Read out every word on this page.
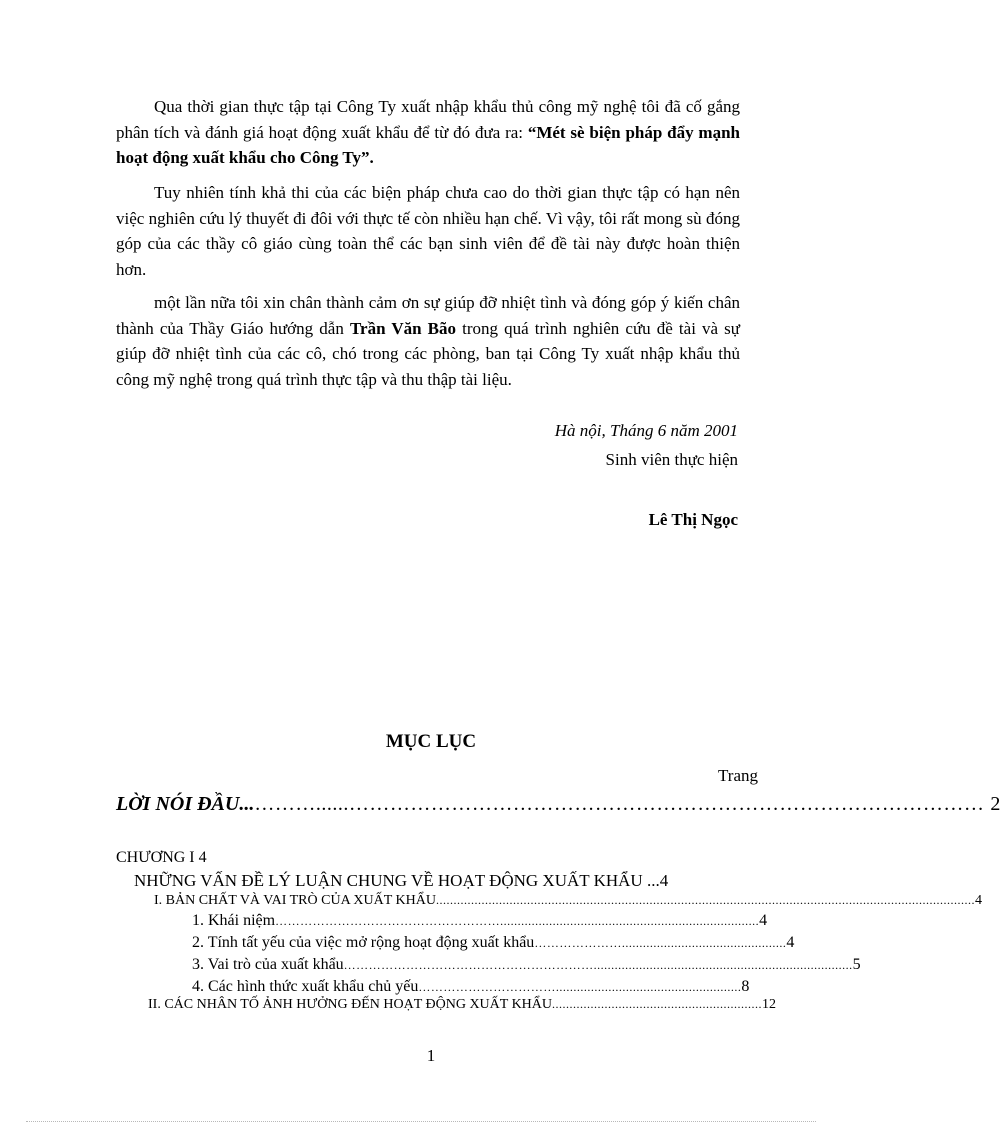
Qua thời gian thực tập tại Công Ty xuất nhập khẩu thủ công mỹ nghệ tôi đã cố gắng phân tích và đánh giá hoạt động xuất khẩu để từ đó đưa ra: “Mét sè biện pháp đẩy mạnh hoạt động xuất khẩu cho Công Ty”.

Tuy nhiên tính khả thi của các biện pháp chưa cao do thời gian thực tập có hạn nên việc nghiên cứu lý thuyết đi đôi với thực tế còn nhiều hạn chế. Vì vậy, tôi rất mong sù đóng góp của các thầy cô giáo cùng toàn thể các bạn sinh viên để đề tài này được hoàn thiện hơn.

một lần nữa tôi xin chân thành cảm ơn sự giúp đỡ nhiệt tình và đóng góp ý kiến chân thành của Thầy Giáo hướng dẫn Trần Văn Bão trong quá trình nghiên cứu đề tài và sự giúp đỡ nhiệt tình của các cô, chó trong các phòng, ban tại Công Ty xuất nhập khẩu thủ công mỹ nghệ trong quá trình thực tập và thu thập tài liệu.

Hà nội, Tháng 6 năm 2001
Sinh viên thực hiện
Lê Thị Ngọc
MỤC LỤC
Trang
LỜI NÓI ĐẦU... ………......………………………………………………………………………………… 2
CHƯƠNG I 4
NHỮNG VẤN ĐỀ LÝ LUẬN CHUNG VỀ HOẠT ĐỘNG XUẤT KHẨU ... 4
I. BẢN CHẤT VÀ VAI TRÒ CỦA XUẤT KHẨU .......................................................................................................................................................... 4
1. Khái niệm ……………………………………………….......................................................................... 4
2. Tính tất yếu của việc mở rộng hoạt động xuất khẩu …………………............................................... 4
3. Vai trò của xuất khẩu …………………………………………………….......................................................................... 5
4. Các hình thức xuất khẩu chủ yếu ……………………………..................................................... 8
II. CÁC NHÂN TỐ ẢNH HƯỞNG ĐẾN HOẠT ĐỘNG XUẤT KHẨU ............................................................ 12
1
